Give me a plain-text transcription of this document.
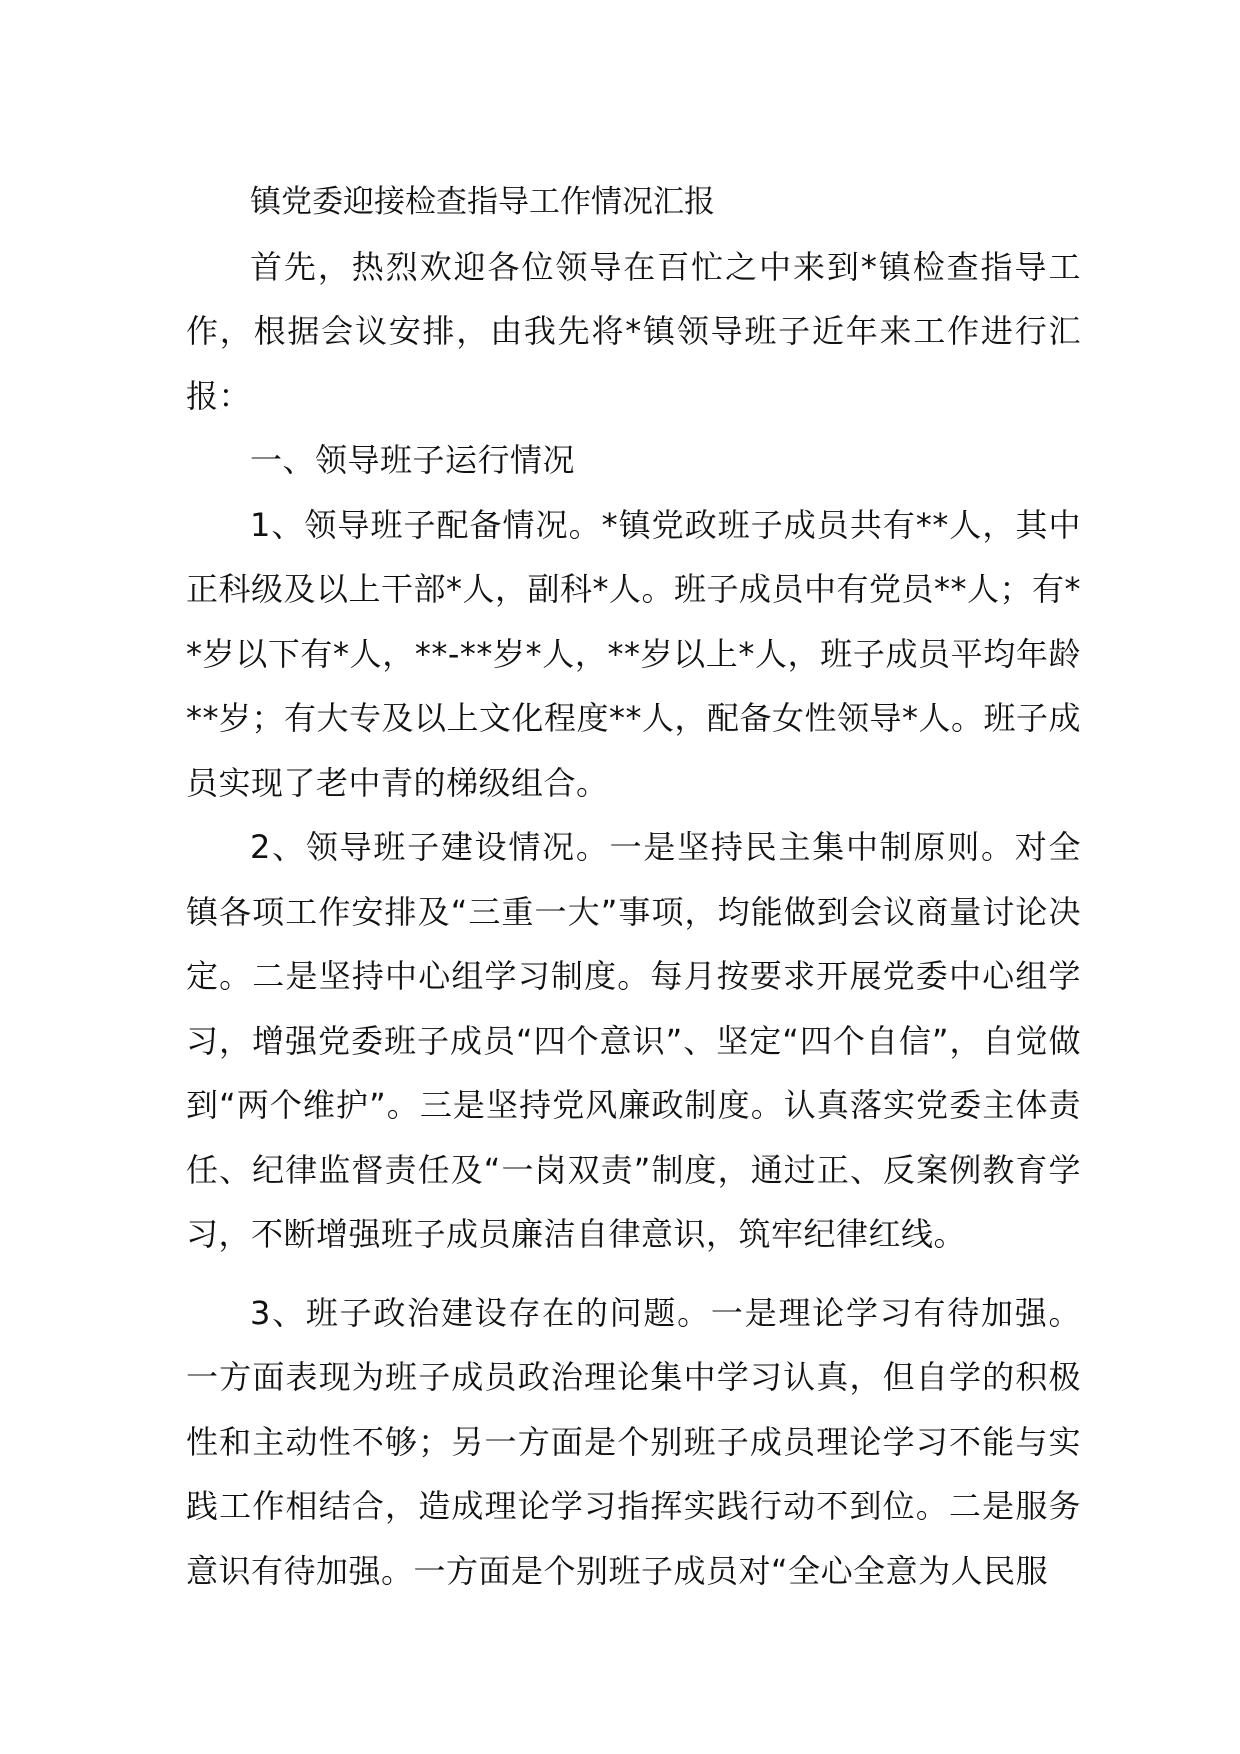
镇党委迎接检查指导工作情况汇报

首先，热烈欢迎各位领导在百忙之中来到*镇检查指导工作，根据会议安排，由我先将*镇领导班子近年来工作进行汇报：

一、领导班子运行情况

1、领导班子配备情况。*镇党政班子成员共有**人，其中正科级及以上干部*人，副科*人。班子成员中有党员**人；有**岁以下有*人，**-**岁*人，**岁以上*人，班子成员平均年龄**岁；有大专及以上文化程度**人，配备女性领导*人。班子成员实现了老中青的梯级组合。

2、领导班子建设情况。一是坚持民主集中制原则。对全镇各项工作安排及“三重一大”事项，均能做到会议商量讨论决定。二是坚持中心组学习制度。每月按要求开展党委中心组学习，增强党委班子成员“四个意识”、坚定“四个自信”，自觉做到“两个维护”。三是坚持党风廉政制度。认真落实党委主体责任、纪律监督责任及“一岗双责”制度，通过正、反案例教育学习，不断增强班子成员廉洁自律意识，筑牢纪律红线。

3、班子政治建设存在的问题。一是理论学习有待加强。一方面表现为班子成员政治理论集中学习认真，但自学的积极性和主动性不够；另一方面是个别班子成员理论学习不能与实践工作相结合，造成理论学习指挥实践行动不到位。二是服务意识有待加强。一方面是个别班子成员对“全心全意为人民服
